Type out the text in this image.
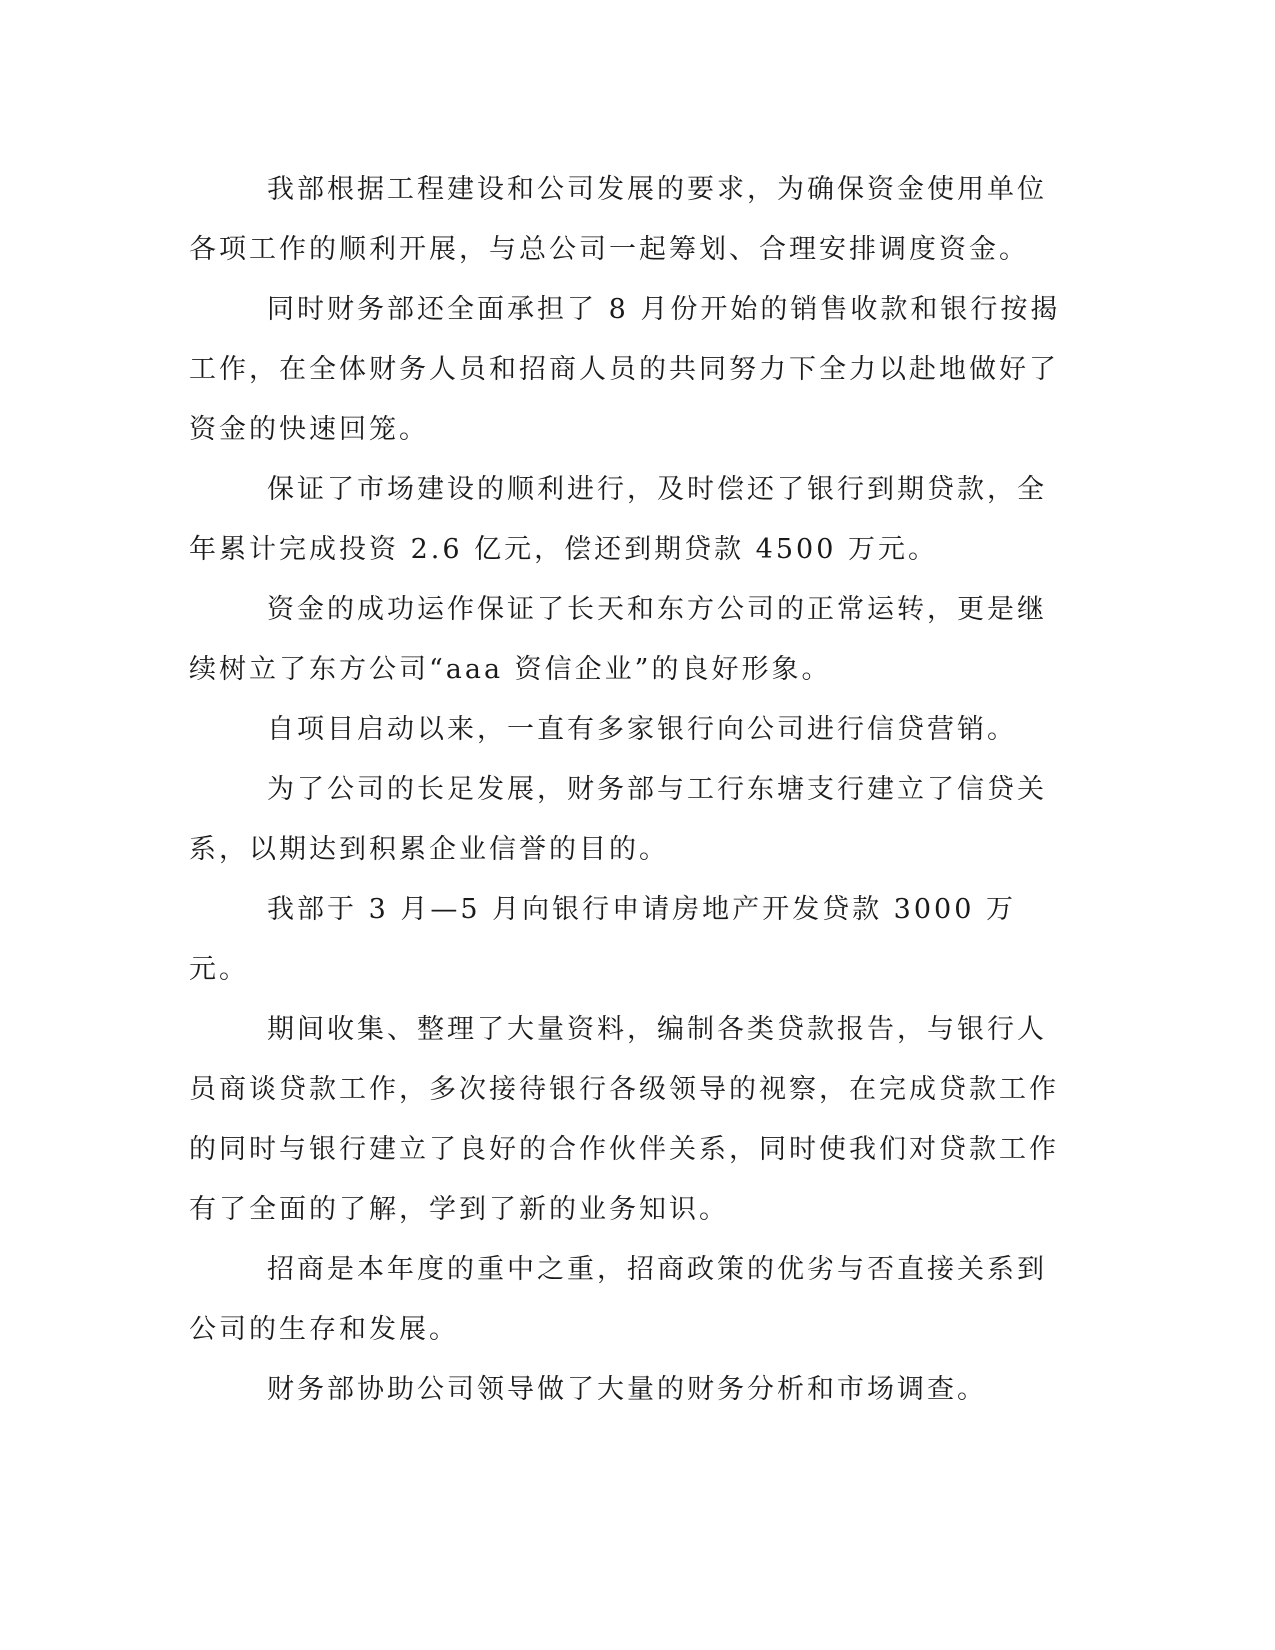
我部根据工程建设和公司发展的要求，为确保资金使用单位各项工作的顺利开展，与总公司一起筹划、合理安排调度资金。

同时财务部还全面承担了 8 月份开始的销售收款和银行按揭工作，在全体财务人员和招商人员的共同努力下全力以赴地做好了资金的快速回笼。

保证了市场建设的顺利进行，及时偿还了银行到期贷款，全年累计完成投资 2.6 亿元，偿还到期贷款 4500 万元。

资金的成功运作保证了长天和东方公司的正常运转，更是继续树立了东方公司“aaa 资信企业”的良好形象。

自项目启动以来，一直有多家银行向公司进行信贷营销。

为了公司的长足发展，财务部与工行东塘支行建立了信贷关系，以期达到积累企业信誉的目的。

我部于 3 月—5 月向银行申请房地产开发贷款 3000 万元。

期间收集、整理了大量资料，编制各类贷款报告，与银行人员商谈贷款工作，多次接待银行各级领导的视察，在完成贷款工作的同时与银行建立了良好的合作伙伴关系，同时使我们对贷款工作有了全面的了解，学到了新的业务知识。

招商是本年度的重中之重，招商政策的优劣与否直接关系到公司的生存和发展。

财务部协助公司领导做了大量的财务分析和市场调查。
